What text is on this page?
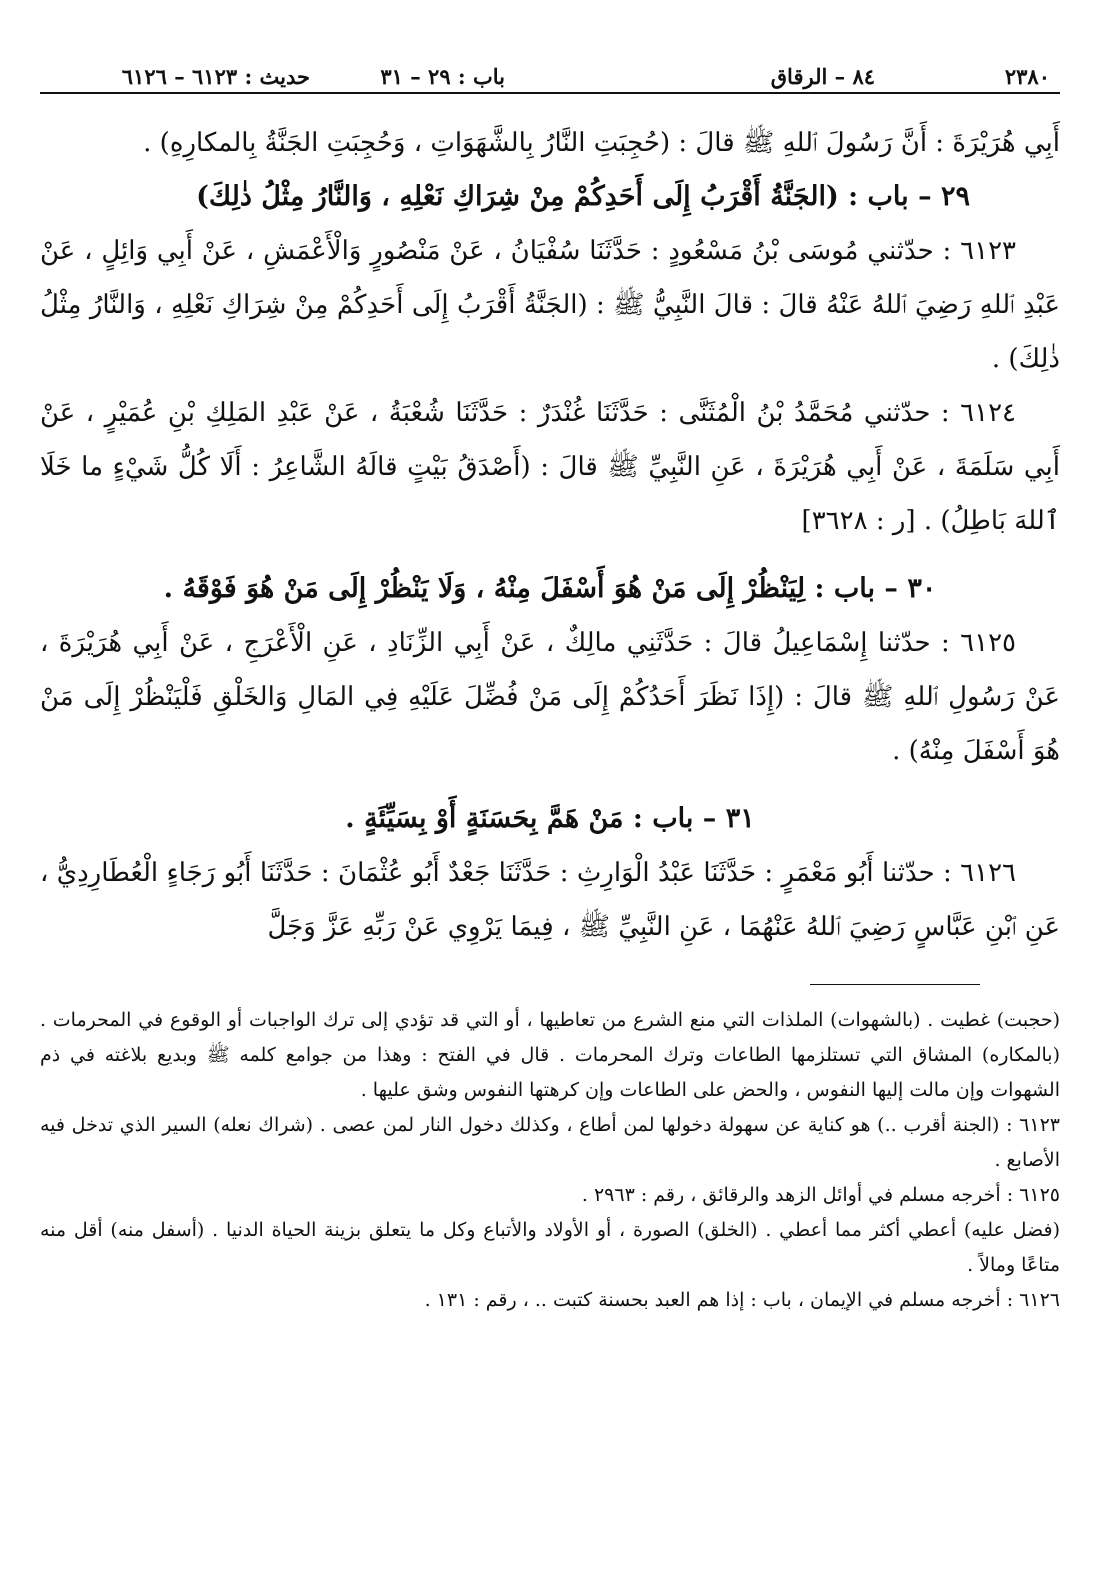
٢٣٨٠
٨٤ – الرقاق
باب : ٢٩ – ٣١
حديث : ٦١٢٣ – ٦١٢٦

أَبِي هُرَيْرَةَ : أَنَّ رَسُولَ ٱللهِ ﷺ قالَ : (حُجِبَتِ النَّارُ بِالشَّهَوَاتِ ، وَحُجِبَتِ الجَنَّةُ بِالمكارِهِ) .

٢٩ – باب : (الجَنَّةُ أَقْرَبُ إِلَى أَحَدِكُمْ مِنْ شِرَاكِ نَعْلِهِ ، وَالنَّارُ مِثْلُ ذٰلِكَ)

٦١٢٣ : حدّثني مُوسَى بْنُ مَسْعُودٍ : حَدَّثَنَا سُفْيَانُ ، عَنْ مَنْصُورٍ وَالْأَعْمَشِ ، عَنْ أَبِي وَائِلٍ ، عَنْ عَبْدِ ٱللهِ رَضِيَ ٱللهُ عَنْهُ قالَ : قالَ النَّبِيُّ ﷺ : (الجَنَّةُ أَقْرَبُ إِلَى أَحَدِكُمْ مِنْ شِرَاكِ نَعْلِهِ ، وَالنَّارُ مِثْلُ ذٰلِكَ) .

٦١٢٤ : حدّثني مُحَمَّدُ بْنُ الْمُثَنَّى : حَدَّثَنَا غُنْدَرٌ : حَدَّثَنَا شُعْبَةُ ، عَنْ عَبْدِ المَلِكِ بْنِ عُمَيْرٍ ، عَنْ أَبِي سَلَمَةَ ، عَنْ أَبِي هُرَيْرَةَ ، عَنِ النَّبِيِّ ﷺ قالَ : (أَصْدَقُ بَيْتٍ قالَهُ الشَّاعِرُ : أَلَا كُلُّ شَيْءٍ ما خَلَا ٱللهَ بَاطِلُ) . [ر : ٣٦٢٨]

٣٠ – باب : لِيَنْظُرْ إِلَى مَنْ هُوَ أَسْفَلَ مِنْهُ ، وَلَا يَنْظُرْ إِلَى مَنْ هُوَ فَوْقَهُ .

٦١٢٥ : حدّثنا إِسْمَاعِيلُ قالَ : حَدَّثَنِي مالِكٌ ، عَنْ أَبِي الزِّنَادِ ، عَنِ الْأَعْرَجِ ، عَنْ أَبِي هُرَيْرَةَ ، عَنْ رَسُولِ ٱللهِ ﷺ قالَ : (إِذَا نَظَرَ أَحَدُكُمْ إِلَى مَنْ فُضِّلَ عَلَيْهِ فِي المَالِ وَالخَلْقِ فَلْيَنْظُرْ إِلَى مَنْ هُوَ أَسْفَلَ مِنْهُ) .

٣١ – باب : مَنْ هَمَّ بِحَسَنَةٍ أَوْ بِسَيِّئَةٍ .

٦١٢٦ : حدّثنا أَبُو مَعْمَرٍ : حَدَّثَنَا عَبْدُ الْوَارِثِ : حَدَّثَنَا جَعْدٌ أَبُو عُثْمَانَ : حَدَّثَنَا أَبُو رَجَاءٍ الْعُطَارِدِيُّ ، عَنِ ٱبْنِ عَبَّاسٍ رَضِيَ ٱللهُ عَنْهُمَا ، عَنِ النَّبِيِّ ﷺ ، فِيمَا يَرْوِي عَنْ رَبِّهِ عَزَّ وَجَلَّ

(حجبت) غطيت . (بالشهوات) الملذات التي منع الشرع من تعاطيها ، أو التي قد تؤدي إلى ترك الواجبات أو الوقوع في المحرمات . (بالمكاره) المشاق التي تستلزمها الطاعات وترك المحرمات . قال في الفتح : وهذا من جوامع كلمه ﷺ وبديع بلاغته في ذم الشهوات وإن مالت إليها النفوس ، والحض على الطاعات وإن كرهتها النفوس وشق عليها .

٦١٢٣ : (الجنة أقرب ..) هو كناية عن سهولة دخولها لمن أطاع ، وكذلك دخول النار لمن عصى . (شراك نعله) السير الذي تدخل فيه الأصابع .

٦١٢٥ : أخرجه مسلم في أوائل الزهد والرقائق ، رقم : ٢٩٦٣ .

(فضل عليه) أعطي أكثر مما أعطي . (الخلق) الصورة ، أو الأولاد والأتباع وكل ما يتعلق بزينة الحياة الدنيا . (أسفل منه) أقل منه متاعًا ومالاً .

٦١٢٦ : أخرجه مسلم في الإيمان ، باب : إذا هم العبد بحسنة كتبت .. ، رقم : ١٣١ .
